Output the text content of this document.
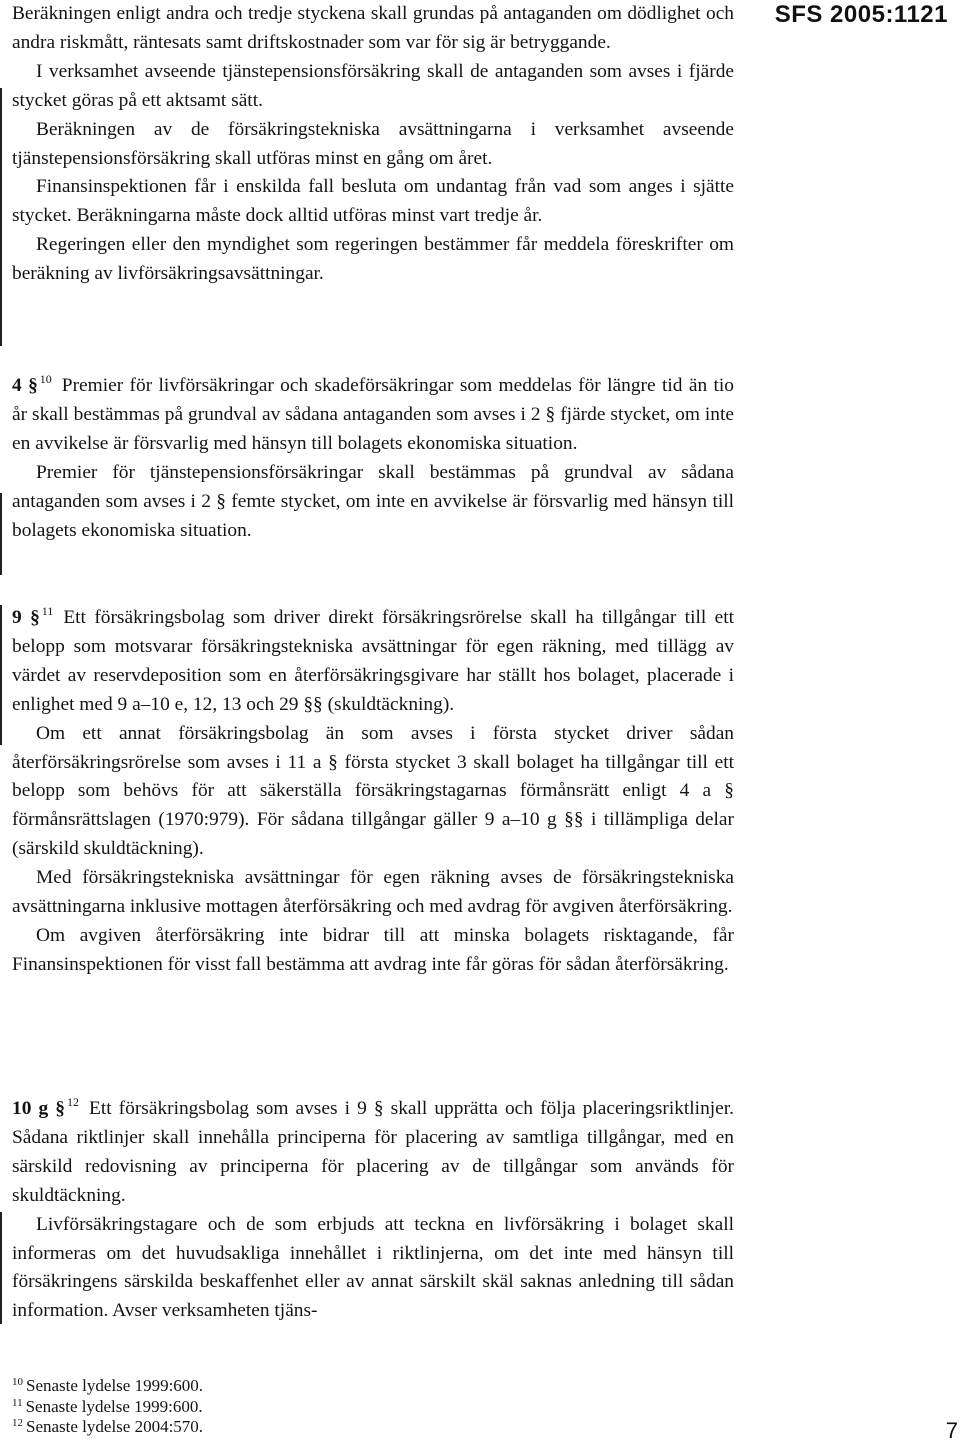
SFS 2005:1121

Beräkningen enligt andra och tredje styckena skall grundas på antaganden om dödlighet och andra riskmått, räntesats samt driftskostnader som var för sig är betryggande.

I verksamhet avseende tjänstepensionsförsäkring skall de antaganden som avses i fjärde stycket göras på ett aktsamt sätt.

Beräkningen av de försäkringstekniska avsättningarna i verksamhet avseende tjänstepensionsförsäkring skall utföras minst en gång om året.

Finansinspektionen får i enskilda fall besluta om undantag från vad som anges i sjätte stycket. Beräkningarna måste dock alltid utföras minst vart tredje år.

Regeringen eller den myndighet som regeringen bestämmer får meddela föreskrifter om beräkning av livförsäkringsavsättningar.

4 § $^{10}$ Premier för livförsäkringar och skadeförsäkringar som meddelas för längre tid än tio år skall bestämmas på grundval av sådana antaganden som avses i 2 § fjärde stycket, om inte en avvikelse är försvarlig med hänsyn till bolagets ekonomiska situation.

Premier för tjänstepensionsförsäkringar skall bestämmas på grundval av sådana antaganden som avses i 2 § femte stycket, om inte en avvikelse är försvarlig med hänsyn till bolagets ekonomiska situation.

9 § $^{11}$ Ett försäkringsbolag som driver direkt försäkringsrörelse skall ha tillgångar till ett belopp som motsvarar försäkringstekniska avsättningar för egen räkning, med tillägg av värdet av reservdeposition som en återförsäkringsgivare har ställt hos bolaget, placerade i enlighet med 9 a–10 e, 12, 13 och 29 §§ (skuldtäckning).

Om ett annat försäkringsbolag än som avses i första stycket driver sådan återförsäkringsrörelse som avses i 11 a § första stycket 3 skall bolaget ha tillgångar till ett belopp som behövs för att säkerställa försäkringstagarnas förmånsrätt enligt 4 a § förmånsrättslagen (1970:979). För sådana tillgångar gäller 9 a–10 g §§ i tillämpliga delar (särskild skuldtäckning).

Med försäkringstekniska avsättningar för egen räkning avses de försäkringstekniska avsättningarna inklusive mottagen återförsäkring och med avdrag för avgiven återförsäkring.

Om avgiven återförsäkring inte bidrar till att minska bolagets risktagande, får Finansinspektionen för visst fall bestämma att avdrag inte får göras för sådan återförsäkring.

10 g § $^{12}$ Ett försäkringsbolag som avses i 9 § skall upprätta och följa placeringsriktlinjer. Sådana riktlinjer skall innehålla principerna för placering av samtliga tillgångar, med en särskild redovisning av principerna för placering av de tillgångar som används för skuldtäckning.

Livförsäkringstagare och de som erbjuds att teckna en livförsäkring i bolaget skall informeras om det huvudsakliga innehållet i riktlinjerna, om det inte med hänsyn till försäkringens särskilda beskaffenhet eller av annat särskilt skäl saknas anledning till sådan information. Avser verksamheten tjäns-

$^{10}$ Senaste lydelse 1999:600.
$^{11}$ Senaste lydelse 1999:600.
$^{12}$ Senaste lydelse 2004:570.	7
